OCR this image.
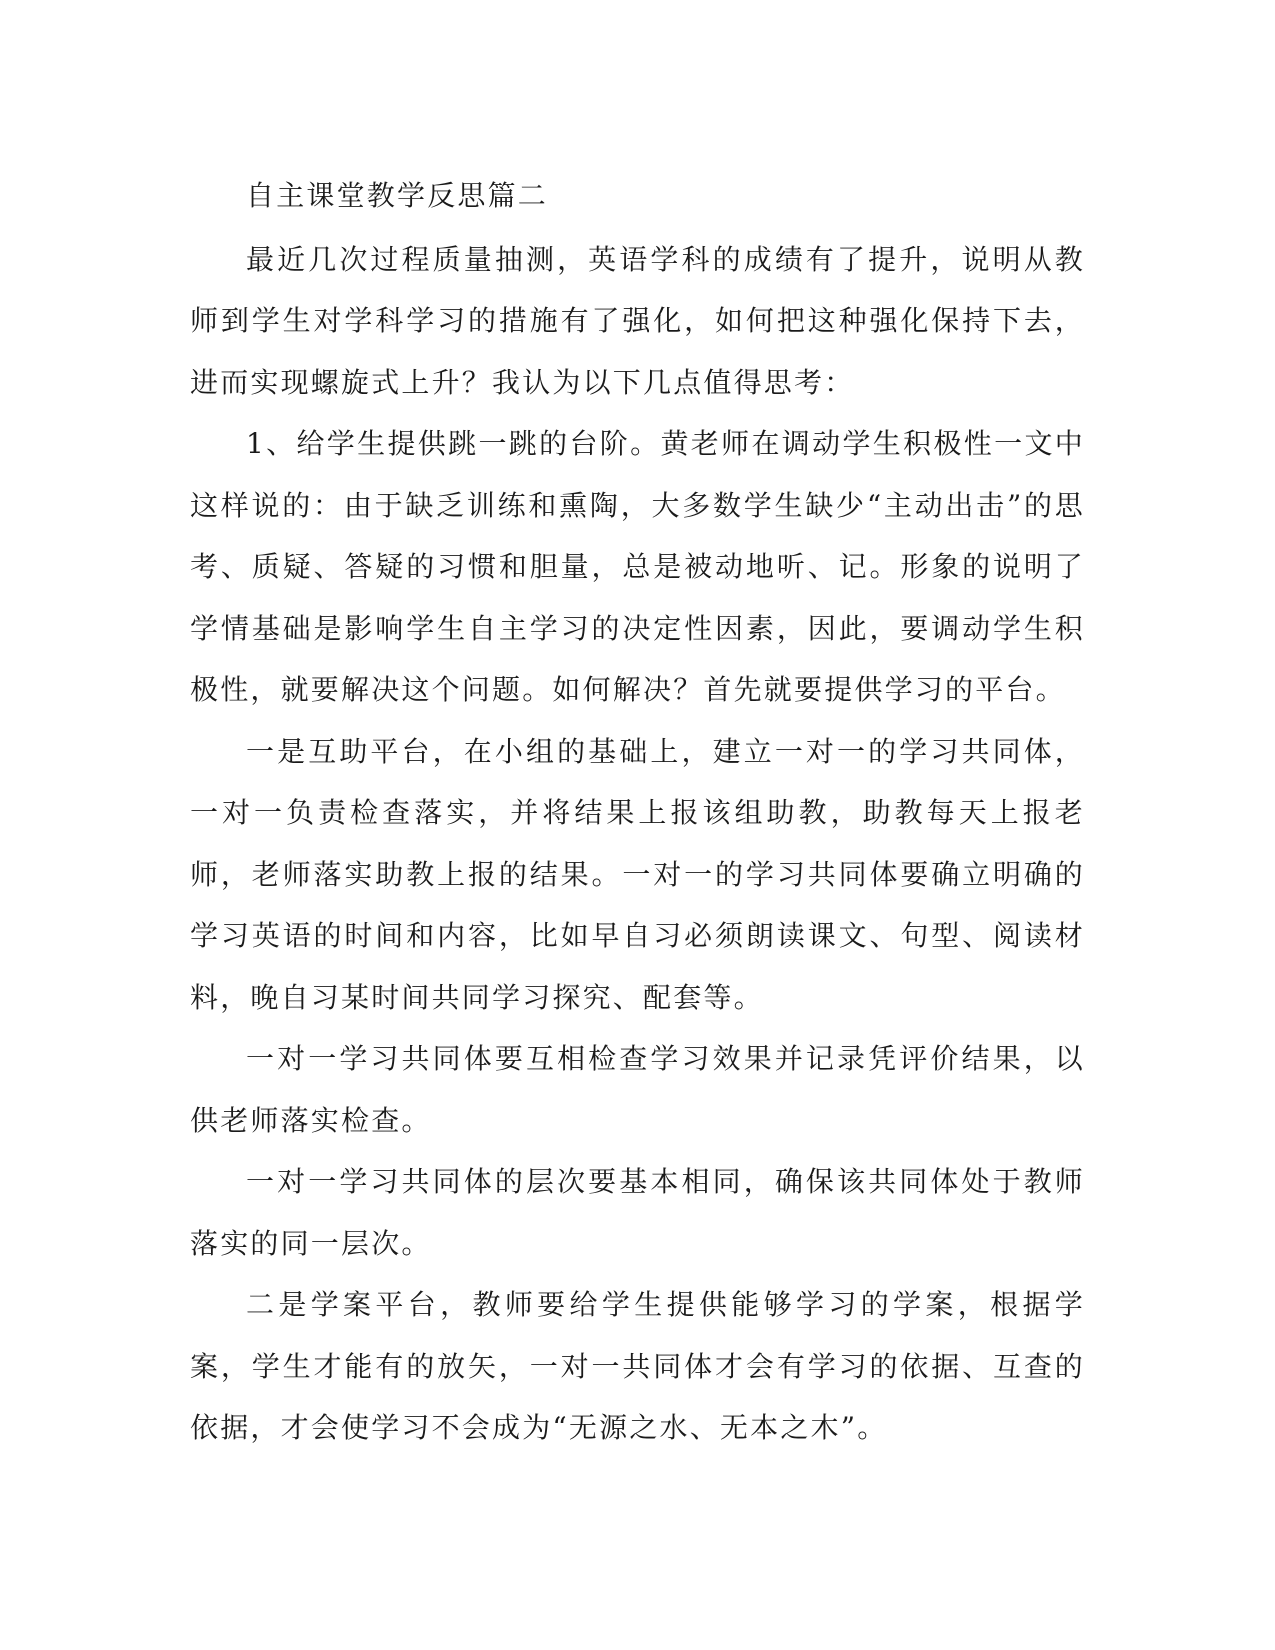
自主课堂教学反思篇二

最近几次过程质量抽测，英语学科的成绩有了提升，说明从教师到学生对学科学习的措施有了强化，如何把这种强化保持下去，进而实现螺旋式上升？我认为以下几点值得思考：

1、给学生提供跳一跳的台阶。黄老师在调动学生积极性一文中这样说的：由于缺乏训练和熏陶，大多数学生缺少“主动出击”的思考、质疑、答疑的习惯和胆量，总是被动地听、记。形象的说明了学情基础是影响学生自主学习的决定性因素，因此，要调动学生积极性，就要解决这个问题。如何解决？首先就要提供学习的平台。

一是互助平台，在小组的基础上，建立一对一的学习共同体，一对一负责检查落实，并将结果上报该组助教，助教每天上报老师，老师落实助教上报的结果。一对一的学习共同体要确立明确的学习英语的时间和内容，比如早自习必须朗读课文、句型、阅读材料，晚自习某时间共同学习探究、配套等。

一对一学习共同体要互相检查学习效果并记录凭评价结果，以供老师落实检查。

一对一学习共同体的层次要基本相同，确保该共同体处于教师落实的同一层次。

二是学案平台，教师要给学生提供能够学习的学案，根据学案，学生才能有的放矢，一对一共同体才会有学习的依据、互查的依据，才会使学习不会成为“无源之水、无本之木”。
